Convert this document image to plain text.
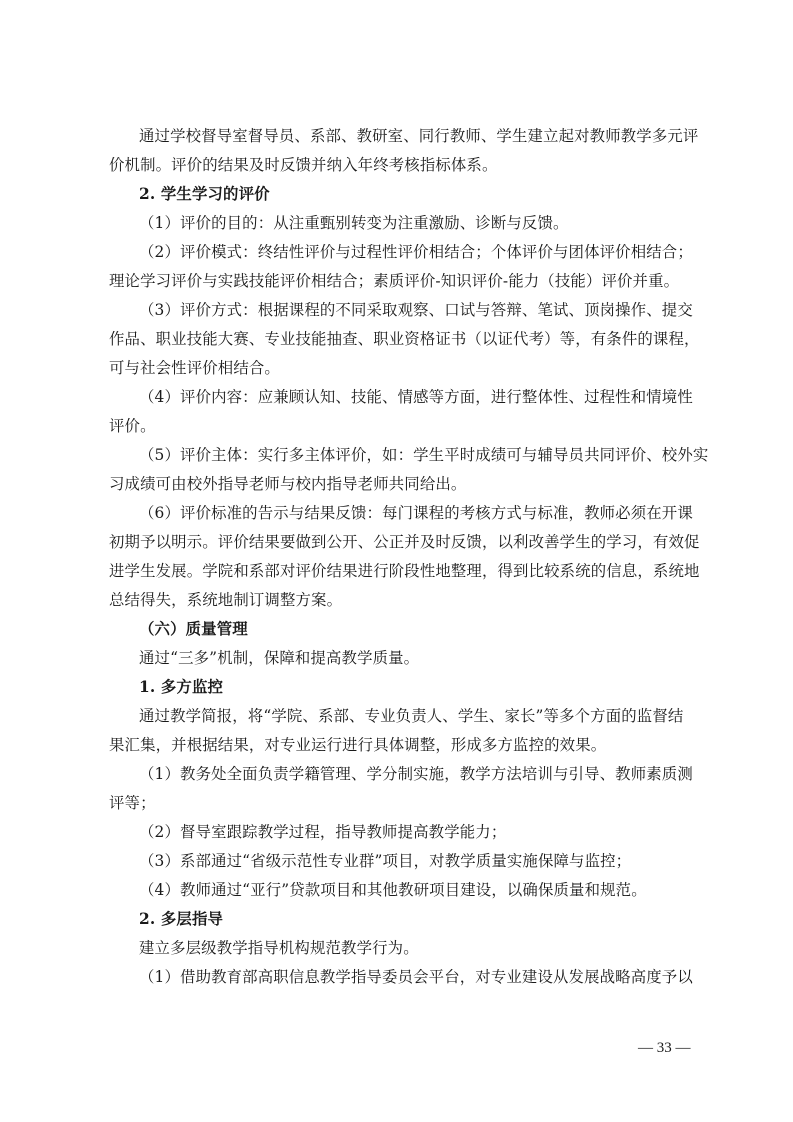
通过学校督导室督导员、系部、教研室、同行教师、学生建立起对教师教学多元评
价机制。评价的结果及时反馈并纳入年终考核指标体系。
2. 学生学习的评价
（1）评价的目的：从注重甄别转变为注重激励、诊断与反馈。
（2）评价模式：终结性评价与过程性评价相结合；个体评价与团体评价相结合；
理论学习评价与实践技能评价相结合；素质评价-知识评价-能力（技能）评价并重。
（3）评价方式：根据课程的不同采取观察、口试与答辩、笔试、顶岗操作、提交
作品、职业技能大赛、专业技能抽查、职业资格证书（以证代考）等，有条件的课程，
可与社会性评价相结合。
（4）评价内容：应兼顾认知、技能、情感等方面，进行整体性、过程性和情境性
评价。
（5）评价主体：实行多主体评价，如：学生平时成绩可与辅导员共同评价、校外实
习成绩可由校外指导老师与校内指导老师共同给出。
（6）评价标准的告示与结果反馈：每门课程的考核方式与标准，教师必须在开课
初期予以明示。评价结果要做到公开、公正并及时反馈，以利改善学生的学习，有效促
进学生发展。学院和系部对评价结果进行阶段性地整理，得到比较系统的信息，系统地
总结得失，系统地制订调整方案。
（六）质量管理
通过“三多”机制，保障和提高教学质量。
1. 多方监控
通过教学简报，将“学院、系部、专业负责人、学生、家长”等多个方面的监督结
果汇集，并根据结果，对专业运行进行具体调整，形成多方监控的效果。
（1）教务处全面负责学籍管理、学分制实施，教学方法培训与引导、教师素质测
评等；
（2）督导室跟踪教学过程，指导教师提高教学能力；
（3）系部通过“省级示范性专业群”项目，对教学质量实施保障与监控；
（4）教师通过“亚行”贷款项目和其他教研项目建设，以确保质量和规范。
2. 多层指导
建立多层级教学指导机构规范教学行为。
（1）借助教育部高职信息教学指导委员会平台，对专业建设从发展战略高度予以
— 33 —
